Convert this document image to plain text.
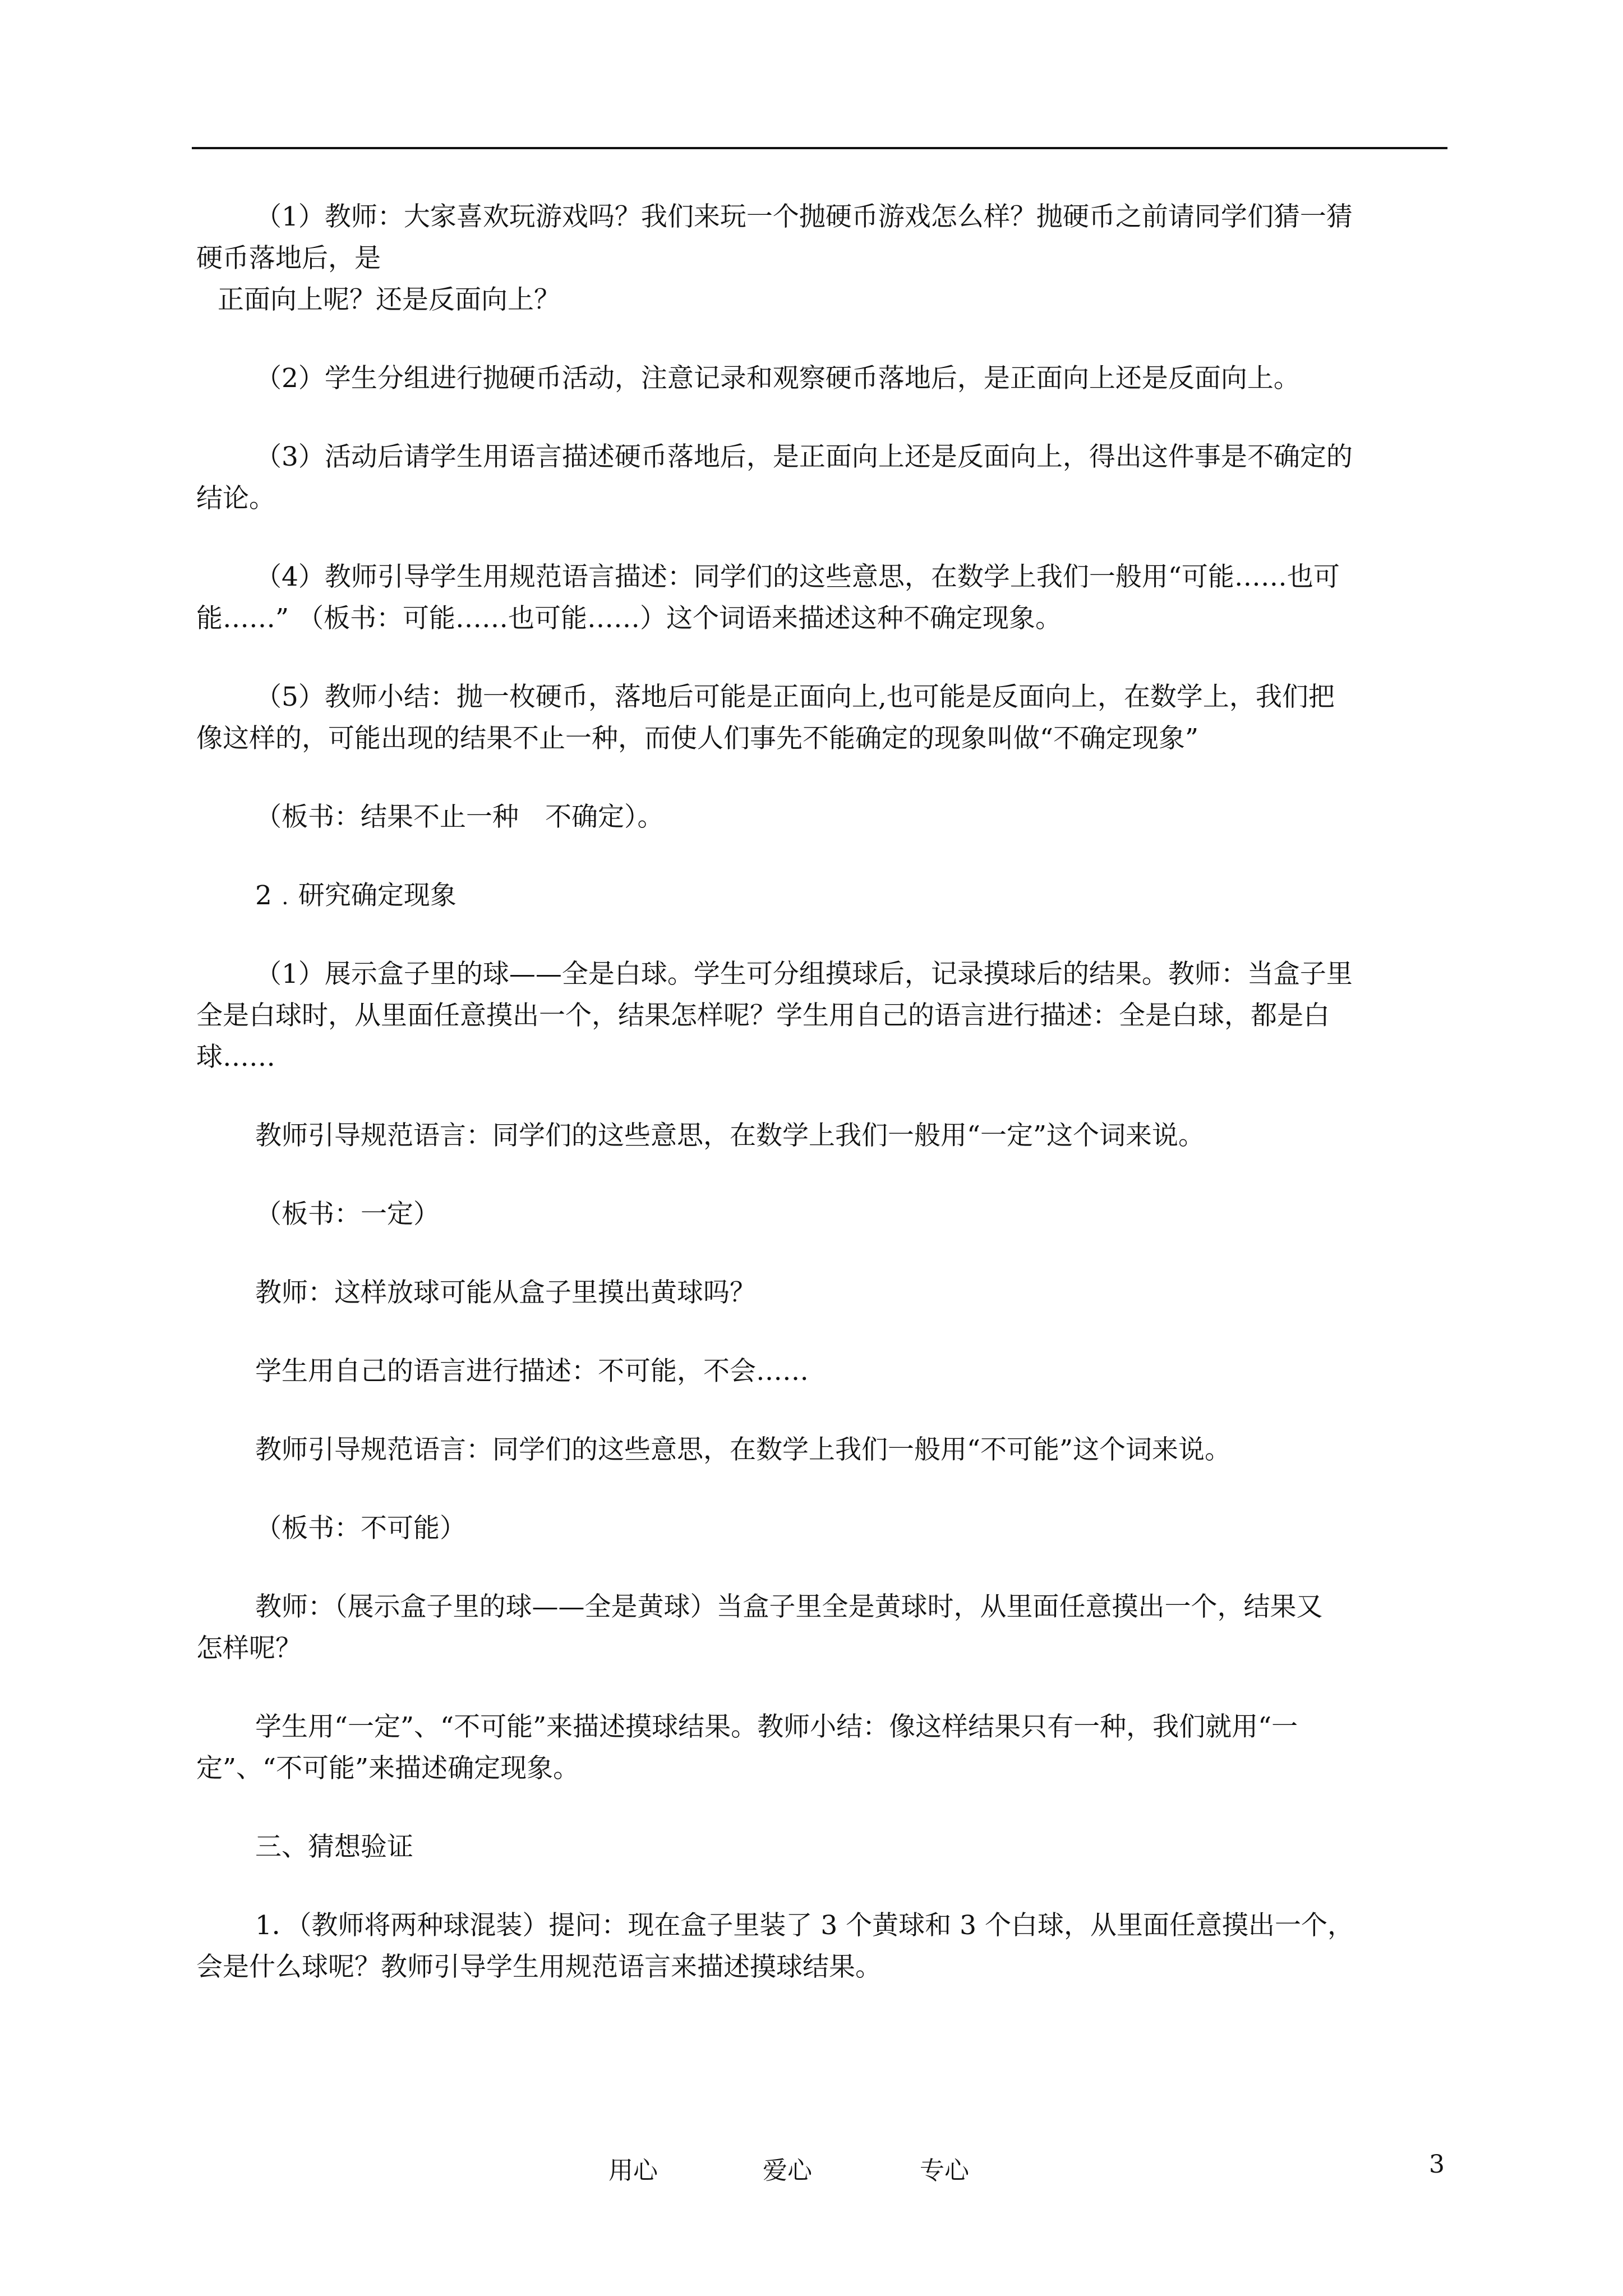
（1）教师：大家喜欢玩游戏吗？我们来玩一个抛硬币游戏怎么样？抛硬币之前请同学们猜一猜
硬币落地后，是
正面向上呢？还是反面向上？
（2）学生分组进行抛硬币活动，注意记录和观察硬币落地后，是正面向上还是反面向上。
（3）活动后请学生用语言描述硬币落地后，是正面向上还是反面向上，得出这件事是不确定的
结论。
（4）教师引导学生用规范语言描述：同学们的这些意思，在数学上我们一般用“可能……也可
能……” （板书：可能……也可能……）这个词语来描述这种不确定现象。
（5）教师小结：抛一枚硬币，落地后可能是正面向上,也可能是反面向上，在数学上，我们把
像这样的，可能出现的结果不止一种，而使人们事先不能确定的现象叫做“不确定现象”
（板书：结果不止一种　不确定）。
2﹒研究确定现象
（1）展示盒子里的球——全是白球。学生可分组摸球后，记录摸球后的结果。教师：当盒子里
全是白球时，从里面任意摸出一个，结果怎样呢？学生用自己的语言进行描述：全是白球，都是白
球……
教师引导规范语言：同学们的这些意思，在数学上我们一般用“一定”这个词来说。
（板书：一定）
教师：这样放球可能从盒子里摸出黄球吗？
学生用自己的语言进行描述：不可能，不会……
教师引导规范语言：同学们的这些意思，在数学上我们一般用“不可能”这个词来说。
（板书：不可能）
教师：（展示盒子里的球——全是黄球）当盒子里全是黄球时，从里面任意摸出一个，结果又
怎样呢？
学生用“一定”、“不可能”来描述摸球结果。教师小结：像这样结果只有一种，我们就用“一
定”、“不可能”来描述确定现象。
三、猜想验证
1．（教师将两种球混装）提问：现在盒子里装了 3 个黄球和 3 个白球，从里面任意摸出一个，
会是什么球呢？教师引导学生用规范语言来描述摸球结果。
用心	爱心	专心	3
